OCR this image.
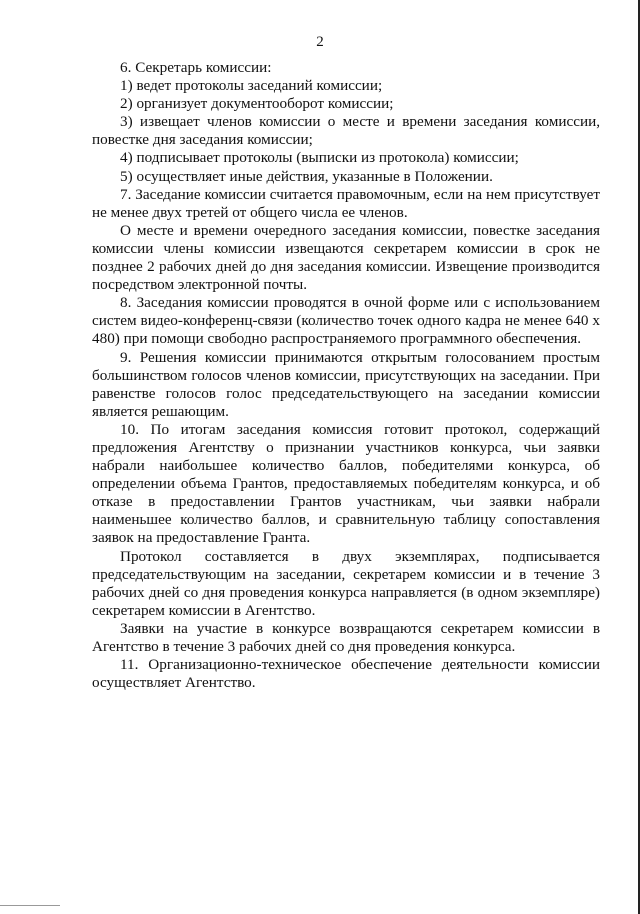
2

6. Секретарь комиссии:

1) ведет протоколы заседаний комиссии;

2) организует документооборот комиссии;

3) извещает членов комиссии о месте и времени заседания комиссии, повестке дня заседания комиссии;

4) подписывает протоколы (выписки из протокола) комиссии;

5) осуществляет иные действия, указанные в Положении.

7. Заседание комиссии считается правомочным, если на нем присутствует не менее двух третей от общего числа ее членов.

О месте и времени очередного заседания комиссии, повестке заседания комиссии члены комиссии извещаются секретарем комиссии в срок не позднее 2 рабочих дней до дня заседания комиссии. Извещение производится посредством электронной почты.

8. Заседания комиссии проводятся в очной форме или с использованием систем видео-конференц-связи (количество точек одного кадра не менее 640 x 480) при помощи свободно распространяемого программного обеспечения.

9. Решения комиссии принимаются открытым голосованием простым большинством голосов членов комиссии, присутствующих на заседании. При равенстве голосов голос председательствующего на заседании комиссии является решающим.

10. По итогам заседания комиссия готовит протокол, содержащий предложения Агентству о признании участников конкурса, чьи заявки набрали наибольшее количество баллов, победителями конкурса, об определении объема Грантов, предоставляемых победителям конкурса, и об отказе в предоставлении Грантов участникам, чьи заявки набрали наименьшее количество баллов, и сравнительную таблицу сопоставления заявок на предоставление Гранта.

Протокол составляется в двух экземплярах, подписывается председательствующим на заседании, секретарем комиссии и в течение 3 рабочих дней со дня проведения конкурса направляется (в одном экземпляре) секретарем комиссии в Агентство.

Заявки на участие в конкурсе возвращаются секретарем комиссии в Агентство в течение 3 рабочих дней со дня проведения конкурса.

11. Организационно-техническое обеспечение деятельности комиссии осуществляет Агентство.
